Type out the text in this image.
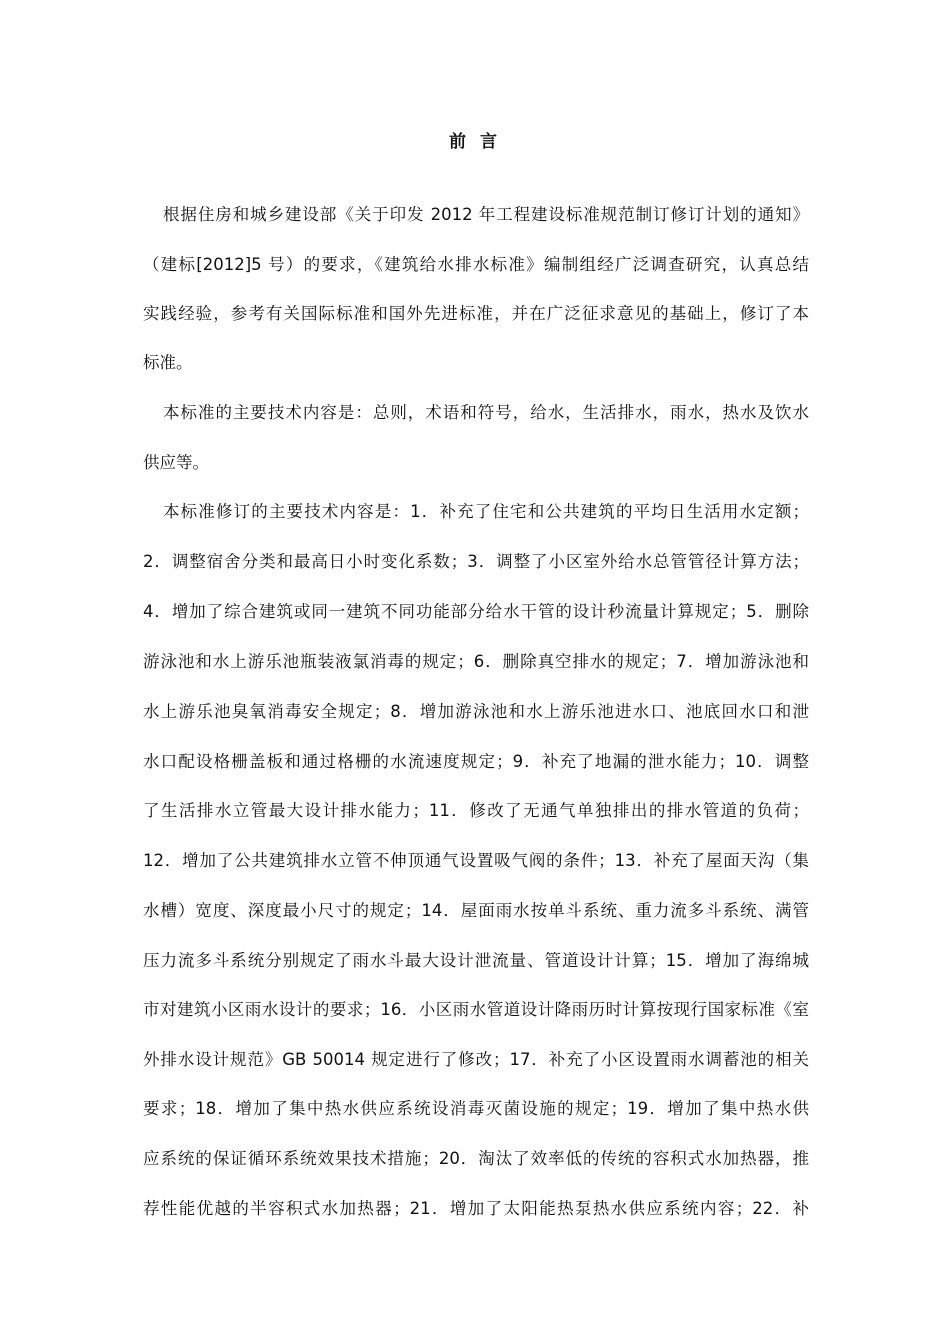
前 言
根据住房和城乡建设部《关于印发 2012 年工程建设标准规范制订修订计划的通知》
（建标[2012]5 号）的要求，《建筑给水排水标准》编制组经广泛调查研究，认真总结
实践经验，参考有关国际标准和国外先进标准，并在广泛征求意见的基础上，修订了本
标准。
本标准的主要技术内容是：总则，术语和符号，给水，生活排水，雨水，热水及饮水
供应等。
本标准修订的主要技术内容是：1．补充了住宅和公共建筑的平均日生活用水定额；
2．调整宿舍分类和最高日小时变化系数；3．调整了小区室外给水总管管径计算方法；
4．增加了综合建筑或同一建筑不同功能部分给水干管的设计秒流量计算规定；5．删除
游泳池和水上游乐池瓶装液氯消毒的规定；6．删除真空排水的规定；7．增加游泳池和
水上游乐池臭氧消毒安全规定；8．增加游泳池和水上游乐池进水口、池底回水口和泄
水口配设格栅盖板和通过格栅的水流速度规定；9．补充了地漏的泄水能力；10．调整
了生活排水立管最大设计排水能力；11．修改了无通气单独排出的排水管道的负荷；
12．增加了公共建筑排水立管不伸顶通气设置吸气阀的条件；13．补充了屋面天沟（集
水槽）宽度、深度最小尺寸的规定；14．屋面雨水按单斗系统、重力流多斗系统、满管
压力流多斗系统分别规定了雨水斗最大设计泄流量、管道设计计算；15．增加了海绵城
市对建筑小区雨水设计的要求；16．小区雨水管道设计降雨历时计算按现行国家标准《室
外排水设计规范》GB 50014 规定进行了修改；17．补充了小区设置雨水调蓄池的相关
要求；18．增加了集中热水供应系统设消毒灭菌设施的规定；19．增加了集中热水供
应系统的保证循环系统效果技术措施；20．淘汰了效率低的传统的容积式水加热器，推
荐性能优越的半容积式水加热器；21．增加了太阳能热泵热水供应系统内容；22．补
